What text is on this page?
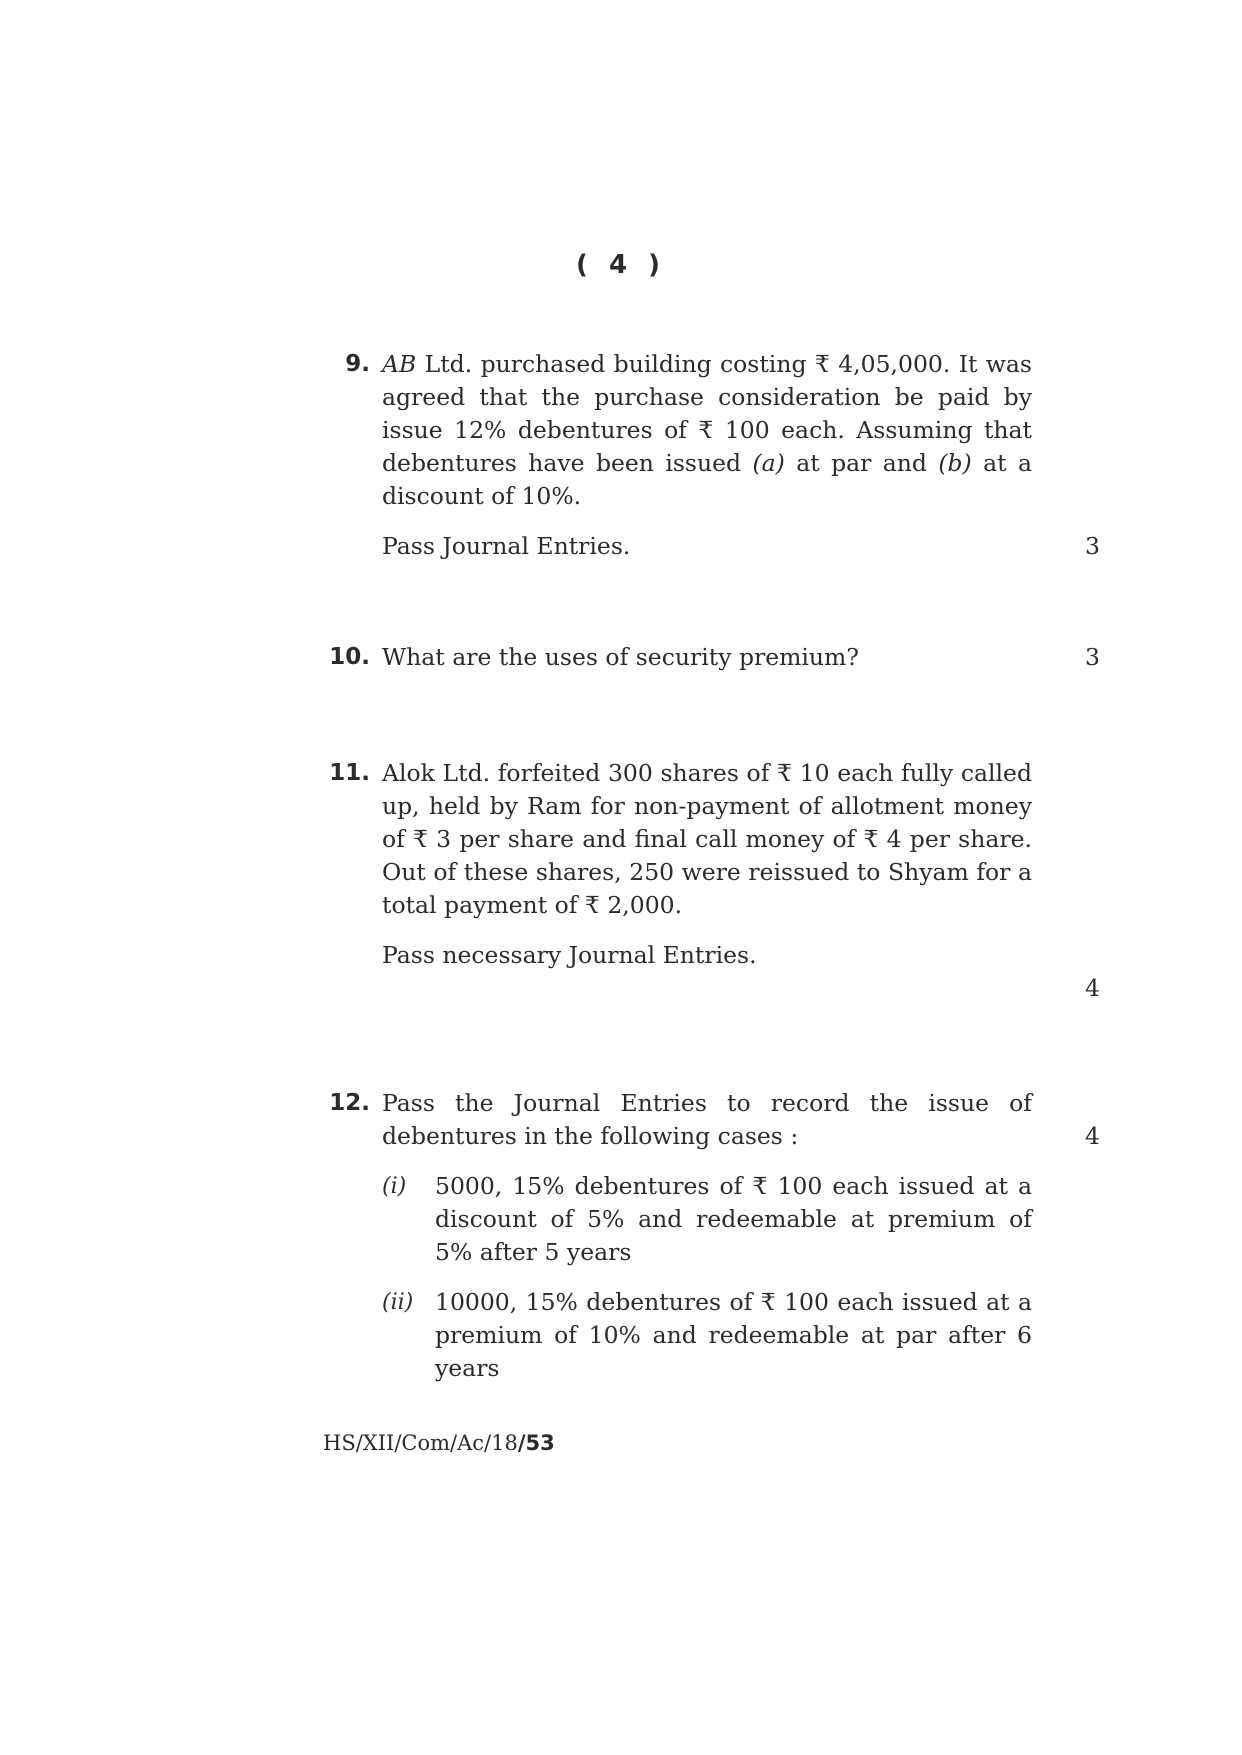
( 4 )
9. AB Ltd. purchased building costing ₹ 4,05,000. It was agreed that the purchase consideration be paid by issue 12% debentures of ₹ 100 each. Assuming that debentures have been issued (a) at par and (b) at a discount of 10%.

Pass Journal Entries.	3
10. What are the uses of security premium?	3
11. Alok Ltd. forfeited 300 shares of ₹ 10 each fully called up, held by Ram for non-payment of allotment money of ₹ 3 per share and final call money of ₹ 4 per share. Out of these shares, 250 were reissued to Shyam for a total payment of ₹ 2,000.

Pass necessary Journal Entries.

4
12. Pass the Journal Entries to record the issue of debentures in the following cases :

(i)	5000, 15% debentures of ₹ 100 each issued at a discount of 5% and redeemable at premium of 5% after 5 years

(ii) 10000, 15% debentures of ₹ 100 each issued at a premium of 10% and redeemable at par after 6 years

4
HS/XII/Com/Ac/18/53
